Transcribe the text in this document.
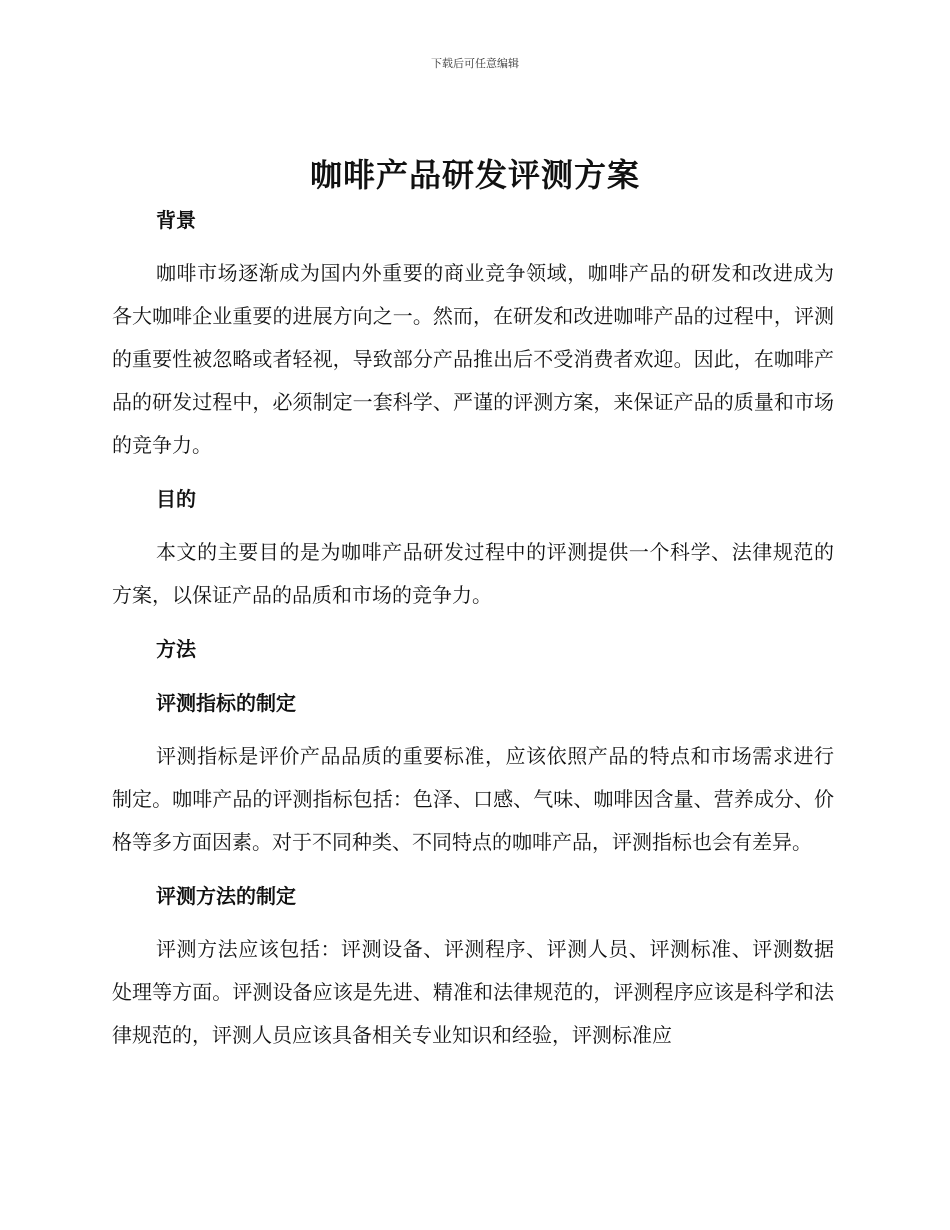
下载后可任意编辑
咖啡产品研发评测方案
背景

咖啡市场逐渐成为国内外重要的商业竞争领域，咖啡产品的研发和改进成为各大咖啡企业重要的进展方向之一。然而，在研发和改进咖啡产品的过程中，评测的重要性被忽略或者轻视，导致部分产品推出后不受消费者欢迎。因此，在咖啡产品的研发过程中，必须制定一套科学、严谨的评测方案，来保证产品的质量和市场的竞争力。

目的

本文的主要目的是为咖啡产品研发过程中的评测提供一个科学、法律规范的方案，以保证产品的品质和市场的竞争力。

方法
评测指标的制定

评测指标是评价产品品质的重要标准，应该依照产品的特点和市场需求进行制定。咖啡产品的评测指标包括：色泽、口感、气味、咖啡因含量、营养成分、价格等多方面因素。对于不同种类、不同特点的咖啡产品，评测指标也会有差异。

评测方法的制定

评测方法应该包括：评测设备、评测程序、评测人员、评测标准、评测数据处理等方面。评测设备应该是先进、精准和法律规范的，评测程序应该是科学和法律规范的，评测人员应该具备相关专业知识和经验，评测标准应
